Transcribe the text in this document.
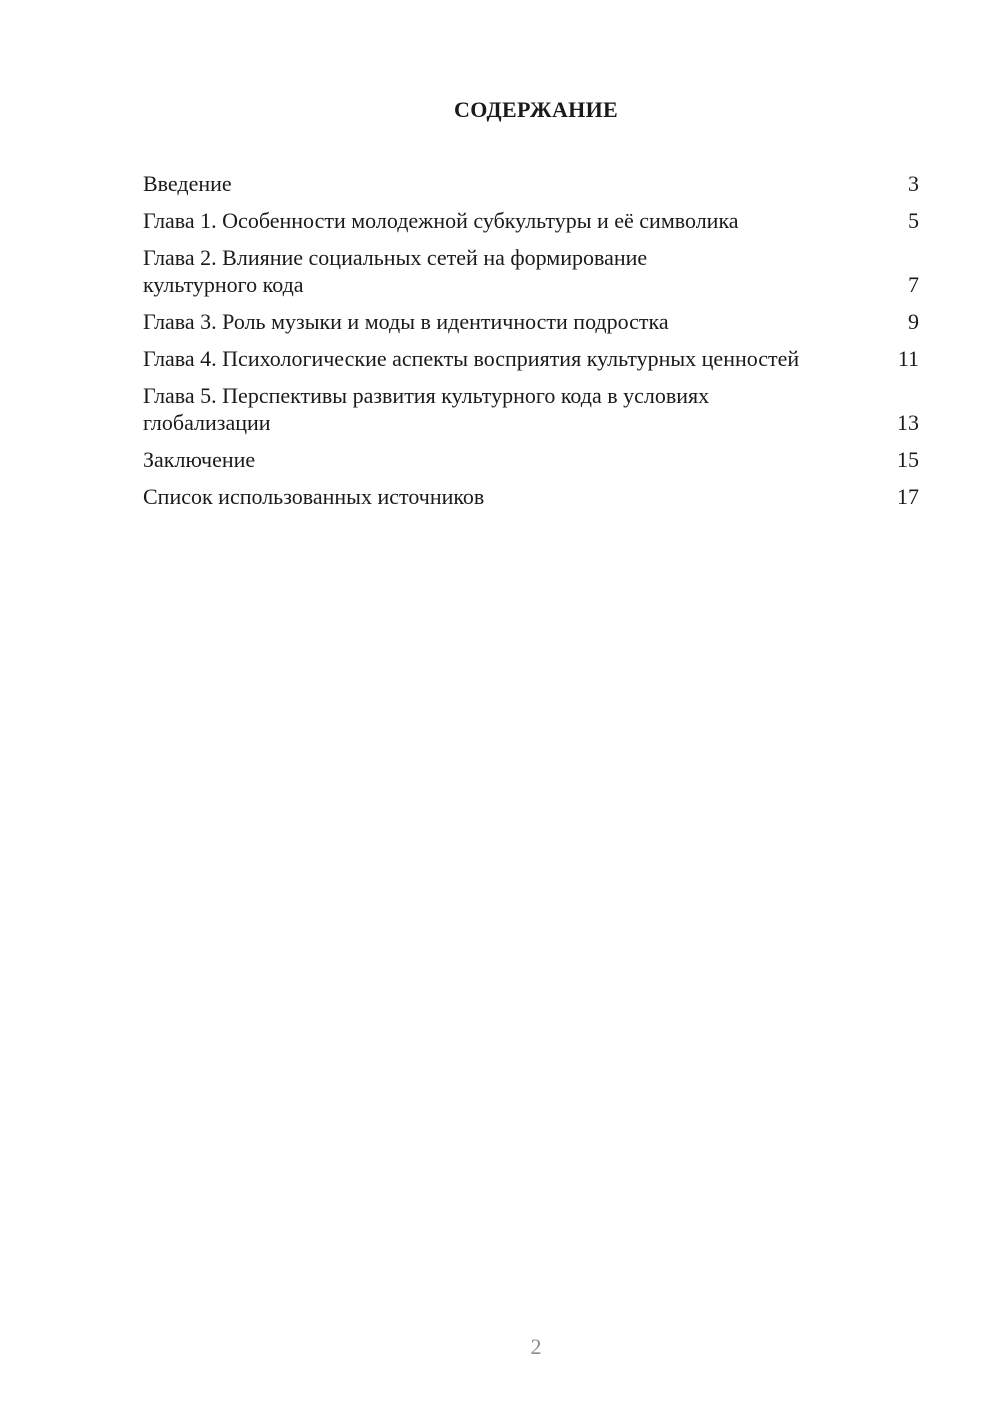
СОДЕРЖАНИЕ
Введение	3
Глава 1. Особенности молодежной субкультуры и её символика	5
Глава 2. Влияние социальных сетей на формирование культурного кода	7
Глава 3. Роль музыки и моды в идентичности подростка	9
Глава 4. Психологические аспекты восприятия культурных ценностей	11
Глава 5. Перспективы развития культурного кода в условиях глобализации	13
Заключение	15
Список использованных источников	17
2
